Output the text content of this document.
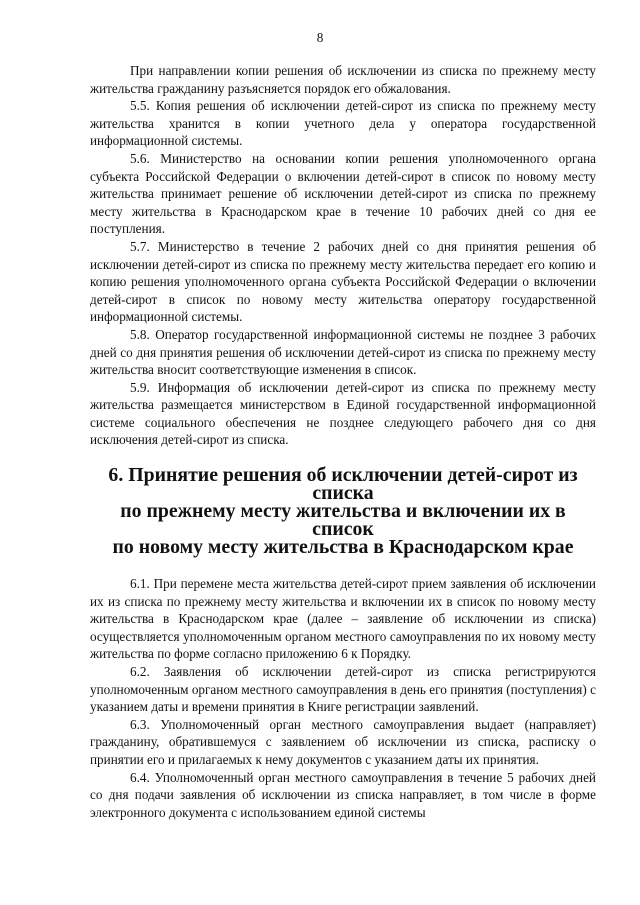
8

При направлении копии решения об исключении из списка по прежнему месту жительства гражданину разъясняется порядок его обжалования.

5.5. Копия решения об исключении детей-сирот из списка по прежнему месту жительства хранится в копии учетного дела у оператора государственной информационной системы.

5.6. Министерство на основании копии решения уполномоченного органа субъекта Российской Федерации о включении детей-сирот в список по новому месту жительства принимает решение об исключении детей-сирот из списка по прежнему месту жительства в Краснодарском крае в течение 10 рабочих дней со дня ее поступления.

5.7. Министерство в течение 2 рабочих дней со дня принятия решения об исключении детей-сирот из списка по прежнему месту жительства передает его копию и копию решения уполномоченного органа субъекта Российской Федерации о включении детей-сирот в список по новому месту жительства оператору государственной информационной системы.

5.8. Оператор государственной информационной системы не позднее 3 рабочих дней со дня принятия решения об исключении детей-сирот из списка по прежнему месту жительства вносит соответствующие изменения в список.

5.9. Информация об исключении детей-сирот из списка по прежнему месту жительства размещается министерством в Единой государственной информационной системе социального обеспечения не позднее следующего рабочего дня со дня исключения детей-сирот из списка.

6. Принятие решения об исключении детей-сирот из списка
по прежнему месту жительства и включении их в список
по новому месту жительства в Краснодарском крае

6.1. При перемене места жительства детей-сирот прием заявления об исключении их из списка по прежнему месту жительства и включении их в список по новому месту жительства в Краснодарском крае (далее – заявление об исключении из списка) осуществляется уполномоченным органом местного самоуправления по их новому месту жительства по форме согласно приложению 6 к Порядку.

6.2. Заявления об исключении детей-сирот из списка регистрируются уполномоченным органом местного самоуправления в день его принятия (поступления) с указанием даты и времени принятия в Книге регистрации заявлений.

6.3. Уполномоченный орган местного самоуправления выдает (направляет) гражданину, обратившемуся с заявлением об исключении из списка, расписку о принятии его и прилагаемых к нему документов с указанием даты их принятия.

6.4. Уполномоченный орган местного самоуправления в течение 5 рабочих дней со дня подачи заявления об исключении из списка направляет, в том числе в форме электронного документа с использованием единой системы
